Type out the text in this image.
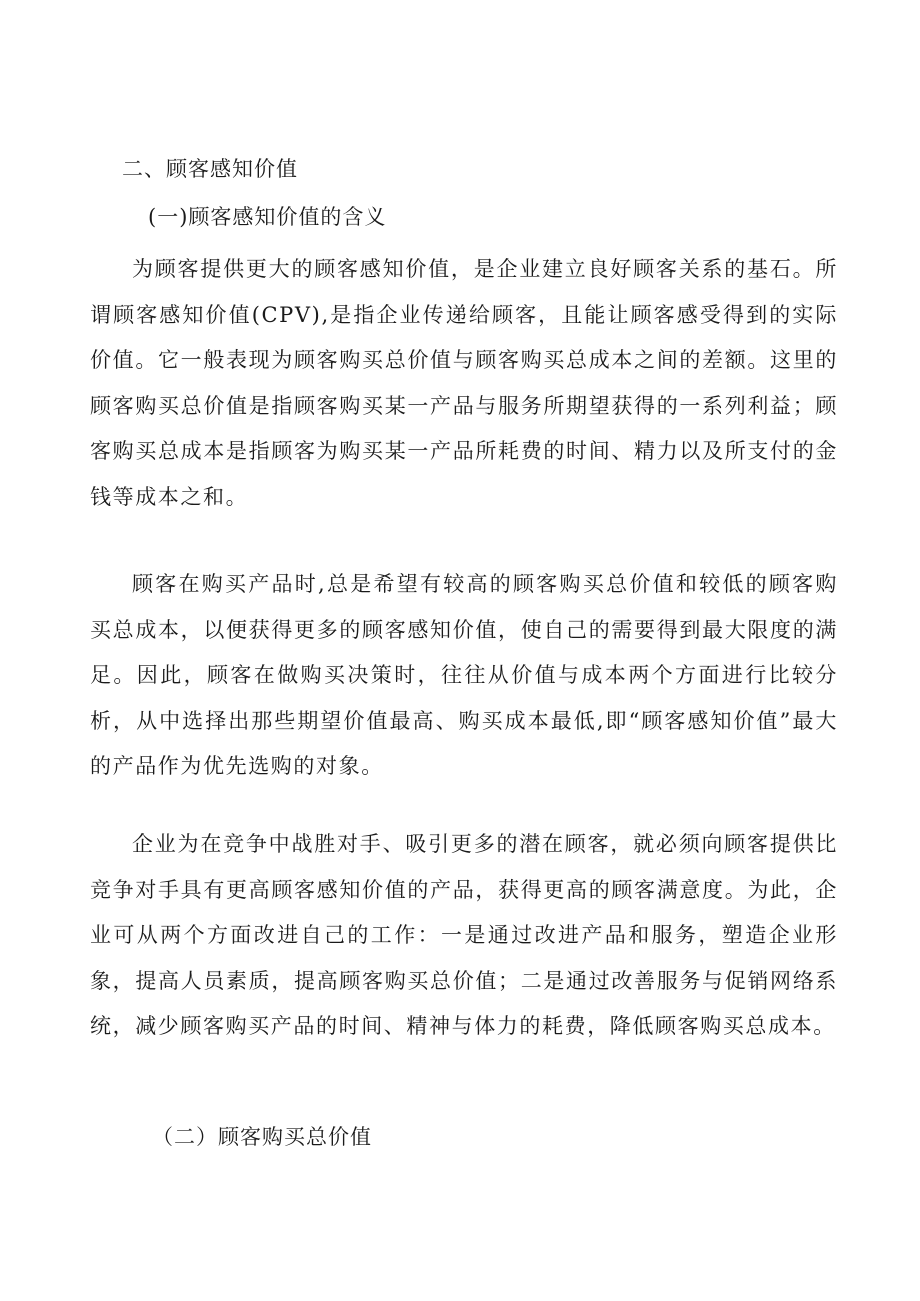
二、顾客感知价值
(一)顾客感知价值的含义

为顾客提供更大的顾客感知价值，是企业建立良好顾客关系的基石。所谓顾客感知价值(CPV),是指企业传递给顾客，且能让顾客感受得到的实际价值。它一般表现为顾客购买总价值与顾客购买总成本之间的差额。这里的顾客购买总价值是指顾客购买某一产品与服务所期望获得的一系列利益；顾客购买总成本是指顾客为购买某一产品所耗费的时间、精力以及所支付的金钱等成本之和。

顾客在购买产品时,总是希望有较高的顾客购买总价值和较低的顾客购买总成本，以便获得更多的顾客感知价值，使自己的需要得到最大限度的满足。因此，顾客在做购买决策时，往往从价值与成本两个方面进行比较分析，从中选择出那些期望价值最高、购买成本最低,即“顾客感知价值”最大的产品作为优先选购的对象。

企业为在竞争中战胜对手、吸引更多的潜在顾客，就必须向顾客提供比竞争对手具有更高顾客感知价值的产品，获得更高的顾客满意度。为此，企业可从两个方面改进自己的工作：一是通过改进产品和服务，塑造企业形象，提高人员素质，提高顾客购买总价值；二是通过改善服务与促销网络系统，减少顾客购买产品的时间、精神与体力的耗费，降低顾客购买总成本。

（二）顾客购买总价值
